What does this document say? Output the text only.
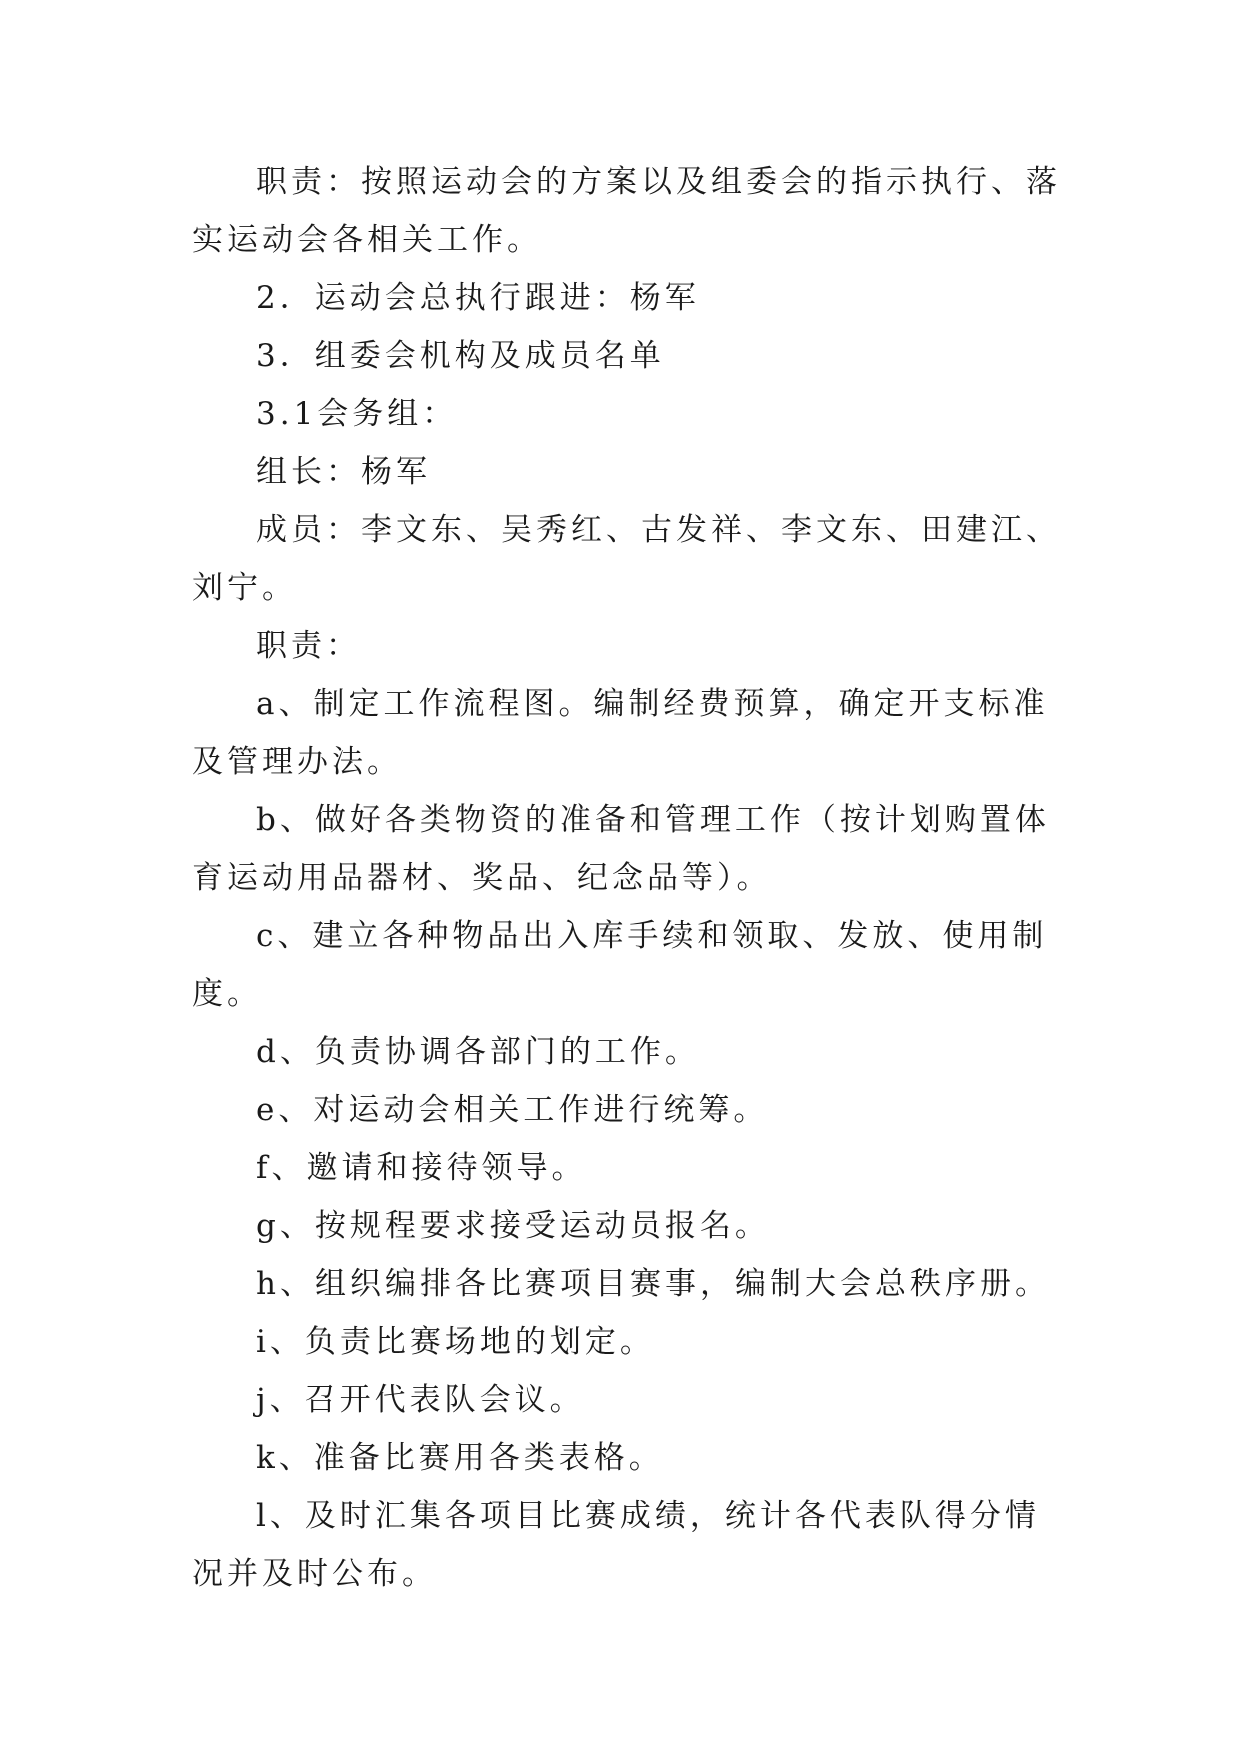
职责：按照运动会的方案以及组委会的指示执行、落实运动会各相关工作。

2．运动会总执行跟进：杨军

3．组委会机构及成员名单

3.1会务组：

组长：杨军

成员：李文东、吴秀红、古发祥、李文东、田建江、刘宁。

职责：

a、制定工作流程图。编制经费预算，确定开支标准及管理办法。

b、做好各类物资的准备和管理工作（按计划购置体育运动用品器材、奖品、纪念品等）。

c、建立各种物品出入库手续和领取、发放、使用制度。

d、负责协调各部门的工作。

e、对运动会相关工作进行统筹。

f、邀请和接待领导。

g、按规程要求接受运动员报名。

h、组织编排各比赛项目赛事，编制大会总秩序册。

i、负责比赛场地的划定。

j、召开代表队会议。

k、准备比赛用各类表格。

l、及时汇集各项目比赛成绩，统计各代表队得分情况并及时公布。
